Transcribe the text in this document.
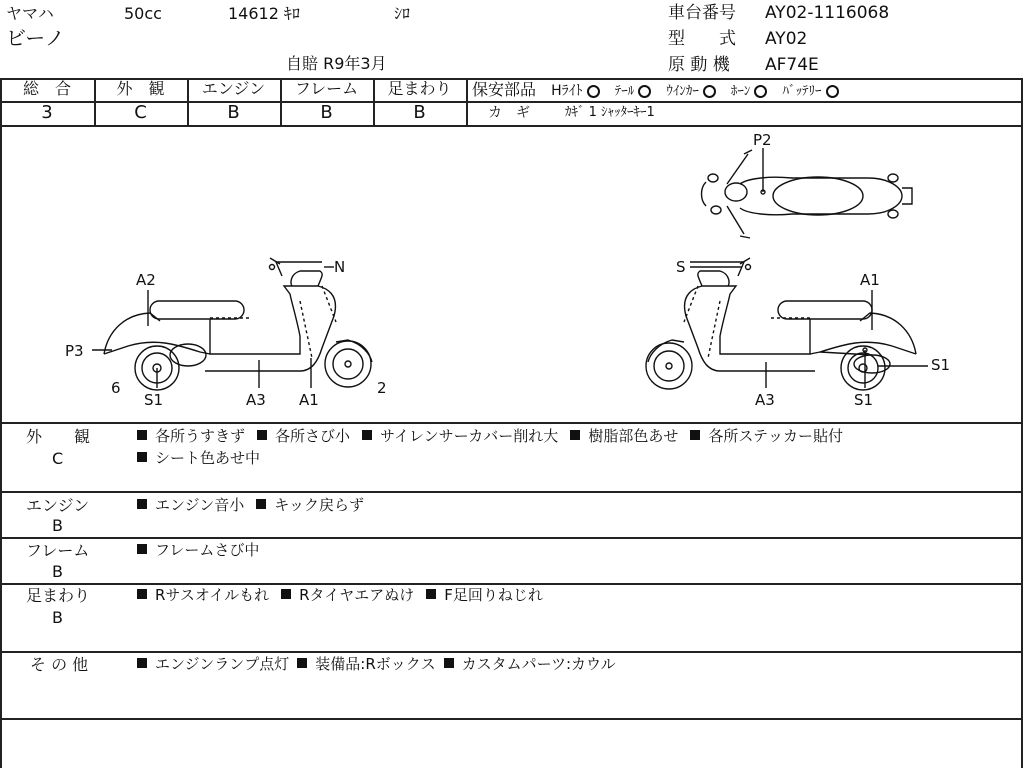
ヤマハ	50cc	14612 ｷﾛ	ｼﾛ
ビーノ
自賠 R9年3月
車台番号 AY02-1116068
型　　式 AY02
原 動 機 AF74E
総　合	外　観	エンジン	フレーム	足まわり
3	C	B	B	B
保安部品 Hﾗｲﾄ ﾃｰﾙ ｳｲﾝｶｰ ﾎｰﾝ ﾊﾞｯﾃﾘｰ
カ　ギ	ｶｷﾞ 1 ｼｬｯﾀｰｷｰ1
A2
P3
6
S1	A3 A1
2
N
P2
S
A1
S1
A3	S1
外　　観
C
各所うすきず 各所さび小 サイレンサーカバー削れ大 樹脂部色あせ 各所ステッカー貼付
シート色あせ中
エンジン
B
エンジン音小 キック戻らず
フレーム
B
フレームさび中
足まわり
B
Rサスオイルもれ Rタイヤエアぬけ F足回りねじれ
そ の 他	エンジンランプ点灯 装備品:Rボックス カスタムパーツ:カウル
